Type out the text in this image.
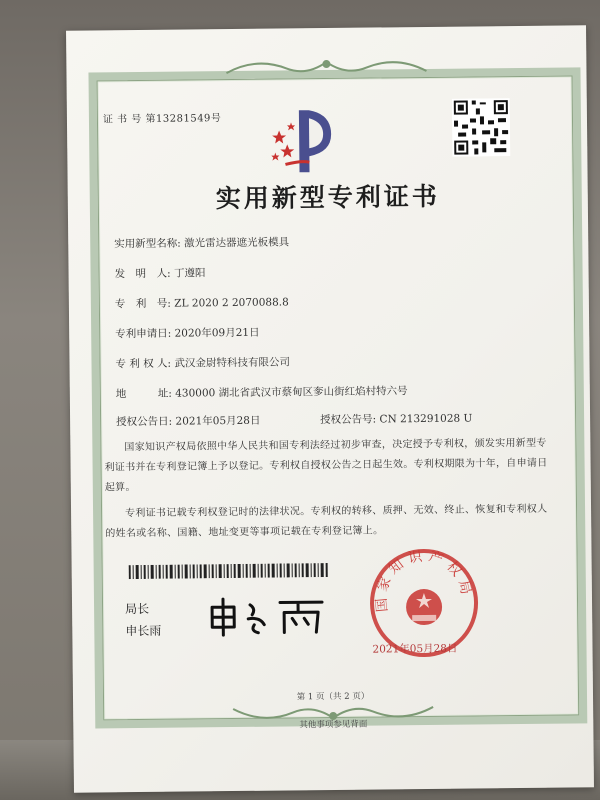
证 书 号 第13281549号
实用新型专利证书
实用新型名称: 激光雷达器遮光板模具
发　明　人: 丁遵阳
专　利　号: ZL 2020 2 2070088.8
专利申请日: 2020年09月21日
专 利 权 人: 武汉金尉特科技有限公司
地　　　址: 430000 湖北省武汉市蔡甸区奓山街红焰村特六号
授权公告日: 2021年05月28日	授权公告号: CN 213291028 U
国家知识产权局依照中华人民共和国专利法经过初步审查，决定授予专利权，颁发实用新型专利证书并在专利登记簿上予以登记。专利权自授权公告之日起生效。专利权期限为十年，自申请日起算。
专利证书记载专利权登记时的法律状况。专利权的转移、质押、无效、终止、恢复和专利权人的姓名或名称、国籍、地址变更等事项记载在专利登记簿上。
局长
申长雨
国家知识产权局
2021年05月28日
第 1 页（共 2 页）
其他事项参见背面
